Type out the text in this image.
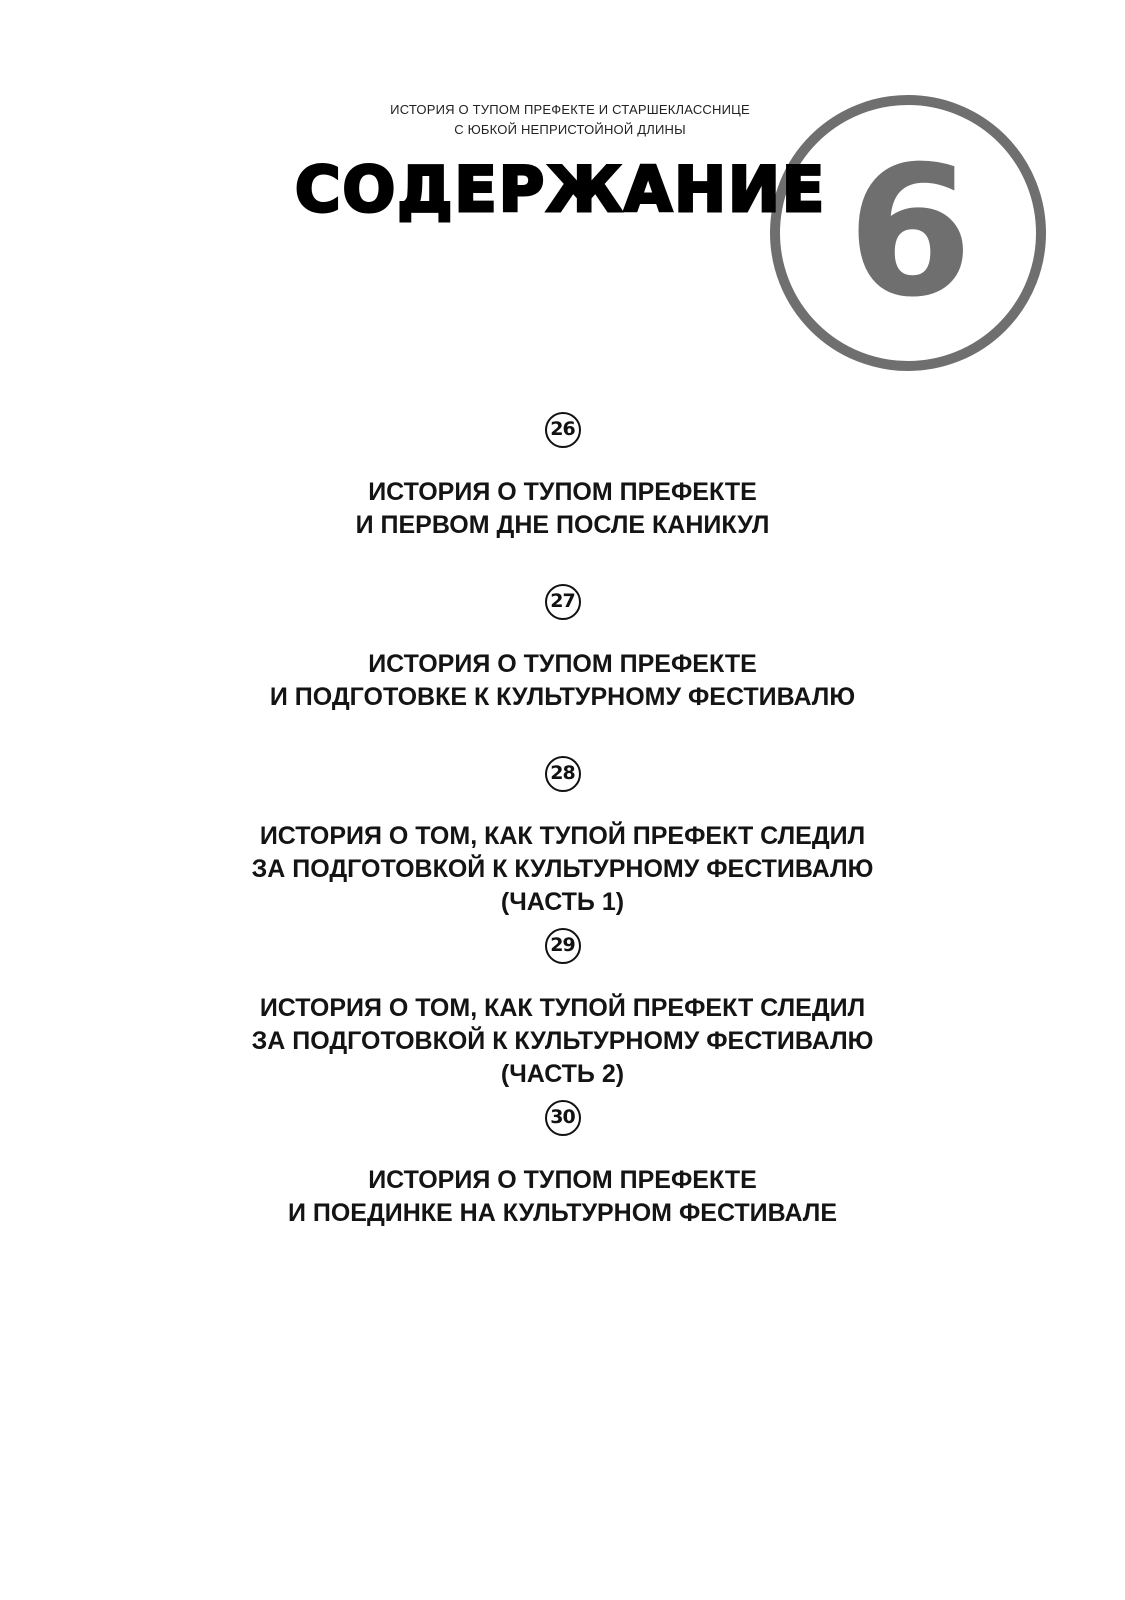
ИСТОРИЯ О ТУПОМ ПРЕФЕКТЕ И СТАРШЕКЛАССНИЦЕ
С ЮБКОЙ НЕПРИСТОЙНОЙ ДЛИНЫ 6
СОДЕРЖАНИЕ
26
ИСТОРИЯ О ТУПОМ ПРЕФЕКТЕ
И ПЕРВОМ ДНЕ ПОСЛЕ КАНИКУЛ
27
ИСТОРИЯ О ТУПОМ ПРЕФЕКТЕ
И ПОДГОТОВКЕ К КУЛЬТУРНОМУ ФЕСТИВАЛЮ
28
ИСТОРИЯ О ТОМ, КАК ТУПОЙ ПРЕФЕКТ СЛЕДИЛ
ЗА ПОДГОТОВКОЙ К КУЛЬТУРНОМУ ФЕСТИВАЛЮ
(ЧАСТЬ 1)
29
ИСТОРИЯ О ТОМ, КАК ТУПОЙ ПРЕФЕКТ СЛЕДИЛ
ЗА ПОДГОТОВКОЙ К КУЛЬТУРНОМУ ФЕСТИВАЛЮ
(ЧАСТЬ 2)
30
ИСТОРИЯ О ТУПОМ ПРЕФЕКТЕ
И ПОЕДИНКЕ НА КУЛЬТУРНОМ ФЕСТИВАЛЕ
